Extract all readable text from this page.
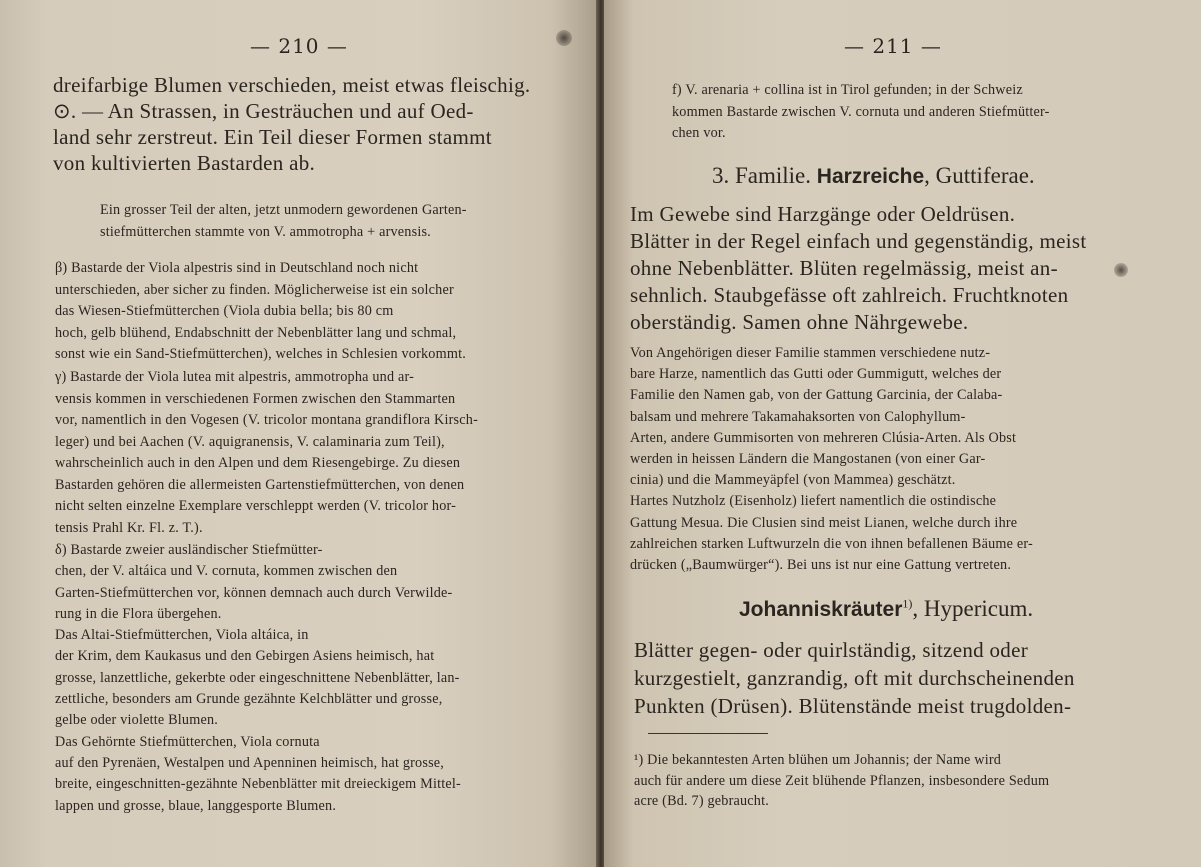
— 210 —
dreifarbige Blumen verschieden, meist etwas fleischig.
⊙. — An Strassen, in Gesträuchen und auf Oed-
land sehr zerstreut. Ein Teil dieser Formen stammt
von kultivierten Bastarden ab.
Ein grosser Teil der alten, jetzt unmodern gewordenen Garten-
stiefmütterchen stammte von V. ammotropha + arvensis.
β) Bastarde der Viola alpestris sind in Deutschland noch nicht
unterschieden, aber sicher zu finden. Möglicherweise ist ein solcher
das Wiesen-Stiefmütterchen (Viola dubia bella; bis 80 cm
hoch, gelb blühend, Endabschnitt der Nebenblätter lang und schmal,
sonst wie ein Sand-Stiefmütterchen), welches in Schlesien vorkommt.
γ) Bastarde der Viola lutea mit alpestris, ammotropha und ar-
vensis kommen in verschiedenen Formen zwischen den Stammarten
vor, namentlich in den Vogesen (V. tricolor montana grandiflora Kirsch-
leger) und bei Aachen (V. aquigranensis, V. calaminaria zum Teil),
wahrscheinlich auch in den Alpen und dem Riesengebirge. Zu diesen
Bastarden gehören die allermeisten Gartenstiefmütterchen, von denen
nicht selten einzelne Exemplare verschleppt werden (V. tricolor hor-
tensis Prahl Kr. Fl. z. T.).
δ) Bastarde zweier ausländischer Stiefmütter-
chen, der V. altáica und V. cornuta, kommen zwischen den
Garten-Stiefmütterchen vor, können demnach auch durch Verwilde-
rung in die Flora übergehen.
Das Altai-Stiefmütterchen, Viola altáica, in
der Krim, dem Kaukasus und den Gebirgen Asiens heimisch, hat
grosse, lanzettliche, gekerbte oder eingeschnittene Nebenblätter, lan-
zettliche, besonders am Grunde gezähnte Kelchblätter und grosse,
gelbe oder violette Blumen.
Das Gehörnte Stiefmütterchen, Viola cornuta
auf den Pyrenäen, Westalpen und Apenninen heimisch, hat grosse,
breite, eingeschnitten-gezähnte Nebenblätter mit dreieckigem Mittel-
lappen und grosse, blaue, langgesporte Blumen.
— 211 —
f) V. arenaria + collina ist in Tirol gefunden; in der Schweiz
kommen Bastarde zwischen V. cornuta und anderen Stiefmütter-
chen vor.
3. Familie. Harzreiche, Guttiferae.
Im Gewebe sind Harzgänge oder Oeldrüsen.
Blätter in der Regel einfach und gegenständig, meist
ohne Nebenblätter. Blüten regelmässig, meist an-
sehnlich. Staubgefässe oft zahlreich. Fruchtknoten
oberständig. Samen ohne Nährgewebe.
Von Angehörigen dieser Familie stammen verschiedene nutz-
bare Harze, namentlich das Gutti oder Gummigutt, welches der
Familie den Namen gab, von der Gattung Garcinia, der Calaba-
balsam und mehrere Takamahaksorten von Calophyllum-
Arten, andere Gummisorten von mehreren Clúsia-Arten. Als Obst
werden in heissen Ländern die Mangostanen (von einer Gar-
cinia) und die Mammeyäpfel (von Mammea) geschätzt.
Hartes Nutzholz (Eisenholz) liefert namentlich die ostindische
Gattung Mesua. Die Clusien sind meist Lianen, welche durch ihre
zahlreichen starken Luftwurzeln die von ihnen befallenen Bäume er-
drücken („Baumwürger“). Bei uns ist nur eine Gattung vertreten.
Johanniskräuter$^{1)}$, Hypericum.
Blätter gegen- oder quirlständig, sitzend oder
kurzgestielt, ganzrandig, oft mit durchscheinenden
Punkten (Drüsen). Blütenstände meist trugdolden-
¹) Die bekanntesten Arten blühen um Johannis; der Name wird
auch für andere um diese Zeit blühende Pflanzen, insbesondere Sedum
acre (Bd. 7) gebraucht.
